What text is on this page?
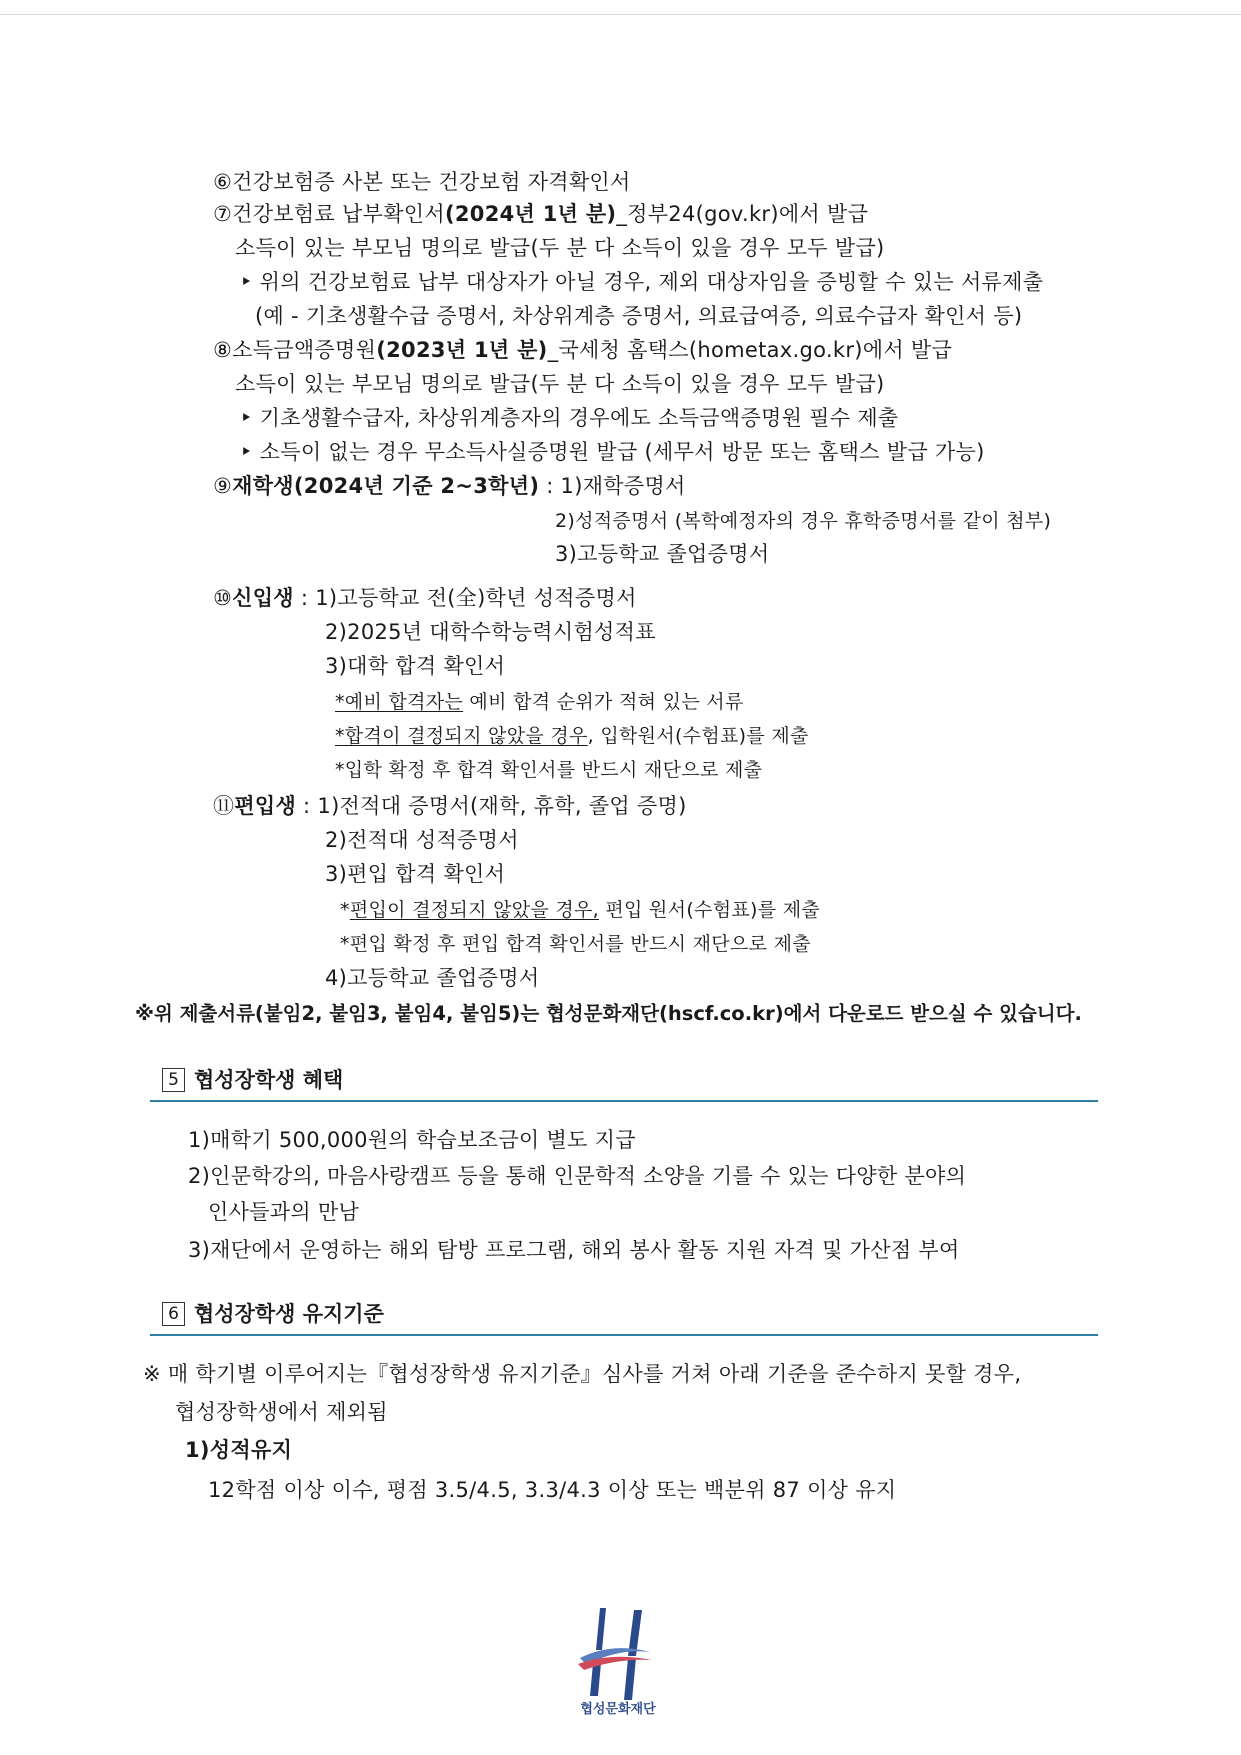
⑥건강보험증 사본 또는 건강보험 자격확인서
⑦건강보험료 납부확인서(2024년 1년 분)_정부24(gov.kr)에서 발급
소득이 있는 부모님 명의로 발급(두 분 다 소득이 있을 경우 모두 발급)
‣ 위의 건강보험료 납부 대상자가 아닐 경우, 제외 대상자임을 증빙할 수 있는 서류제출
(예 - 기초생활수급 증명서, 차상위계층 증명서, 의료급여증, 의료수급자 확인서 등)
⑧소득금액증명원(2023년 1년 분)_국세청 홈택스(hometax.go.kr)에서 발급
소득이 있는 부모님 명의로 발급(두 분 다 소득이 있을 경우 모두 발급)
‣ 기초생활수급자, 차상위계층자의 경우에도 소득금액증명원 필수 제출
‣ 소득이 없는 경우 무소득사실증명원 발급 (세무서 방문 또는 홈택스 발급 가능)
⑨재학생(2024년 기준 2~3학년) : 1)재학증명서
2)성적증명서 (복학예정자의 경우 휴학증명서를 같이 첨부)
3)고등학교 졸업증명서
⑩신입생 : 1)고등학교 전(全)학년 성적증명서
2)2025년 대학수학능력시험성적표
3)대학 합격 확인서
*예비 합격자는 예비 합격 순위가 적혀 있는 서류
*합격이 결정되지 않았을 경우, 입학원서(수험표)를 제출
*입학 확정 후 합격 확인서를 반드시 재단으로 제출
⑪편입생 : 1)전적대 증명서(재학, 휴학, 졸업 증명)
2)전적대 성적증명서
3)편입 합격 확인서
*편입이 결정되지 않았을 경우, 편입 원서(수험표)를 제출
*편입 확정 후 편입 합격 확인서를 반드시 재단으로 제출
4)고등학교 졸업증명서
※위 제출서류(붙임2, 붙임3, 붙임4, 붙임5)는 협성문화재단(hscf.co.kr)에서 다운로드 받으실 수 있습니다.
5 협성장학생 혜택
1)매학기 500,000원의 학습보조금이 별도 지급
2)인문학강의, 마음사랑캠프 등을 통해 인문학적 소양을 기를 수 있는 다양한 분야의
인사들과의 만남
3)재단에서 운영하는 해외 탐방 프로그램, 해외 봉사 활동 지원 자격 및 가산점 부여
6 협성장학생 유지기준
※ 매 학기별 이루어지는『협성장학생 유지기준』심사를 거쳐 아래 기준을 준수하지 못할 경우,
협성장학생에서 제외됨
1)성적유지
12학점 이상 이수, 평점 3.5/4.5, 3.3/4.3 이상 또는 백분위 87 이상 유지
협성문화재단
